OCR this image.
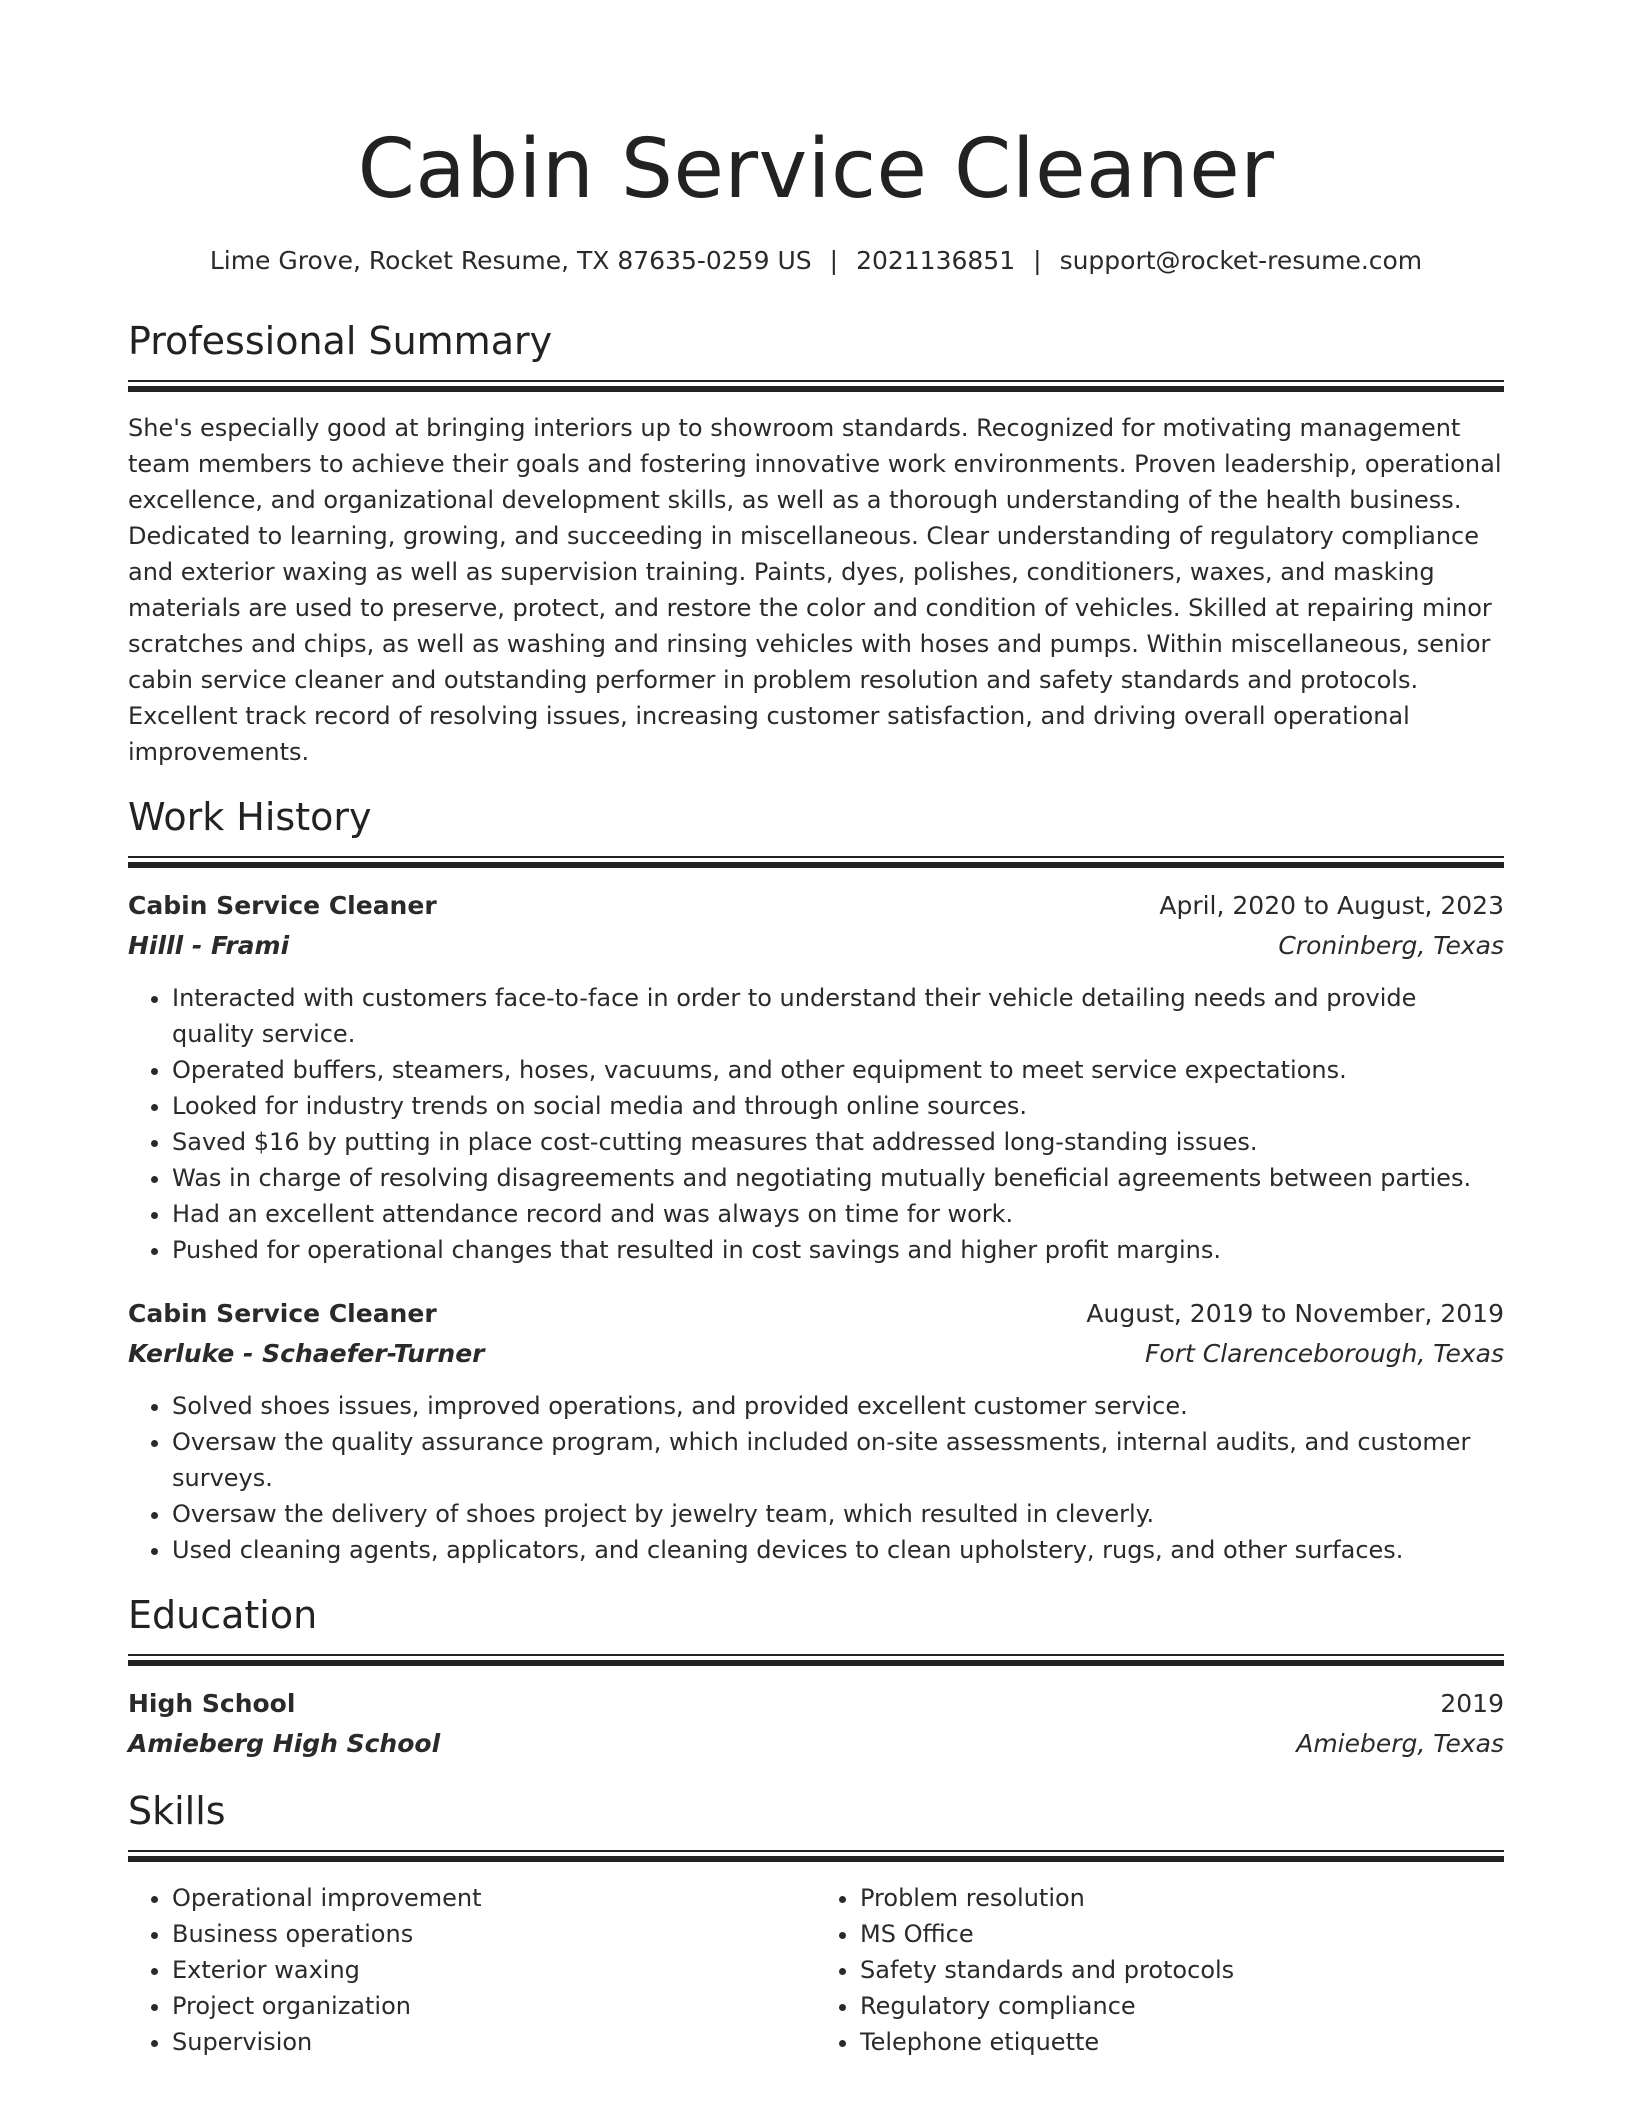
Cabin Service Cleaner
Lime Grove, Rocket Resume, TX 87635-0259 US | 2021136851 | support@rocket-resume.com
Professional Summary

She's especially good at bringing interiors up to showroom standards. Recognized for motivating management team members to achieve their goals and fostering innovative work environments. Proven leadership, operational excellence, and organizational development skills, as well as a thorough understanding of the health business. Dedicated to learning, growing, and succeeding in miscellaneous. Clear understanding of regulatory compliance and exterior waxing as well as supervision training. Paints, dyes, polishes, conditioners, waxes, and masking materials are used to preserve, protect, and restore the color and condition of vehicles. Skilled at repairing minor scratches and chips, as well as washing and rinsing vehicles with hoses and pumps. Within miscellaneous, senior cabin service cleaner and outstanding performer in problem resolution and safety standards and protocols. Excellent track record of resolving issues, increasing customer satisfaction, and driving overall operational improvements.

Work History
Cabin Service Cleaner	April, 2020 to August, 2023
Hilll - Frami	Croninberg, Texas
• Interacted with customers face-to-face in order to understand their vehicle detailing needs and provide quality service.
• Operated buffers, steamers, hoses, vacuums, and other equipment to meet service expectations.
• Looked for industry trends on social media and through online sources.
• Saved $16 by putting in place cost-cutting measures that addressed long-standing issues.
• Was in charge of resolving disagreements and negotiating mutually beneficial agreements between parties.
• Had an excellent attendance record and was always on time for work.
• Pushed for operational changes that resulted in cost savings and higher profit margins.
Cabin Service Cleaner	August, 2019 to November, 2019
Kerluke - Schaefer-Turner	Fort Clarenceborough, Texas
• Solved shoes issues, improved operations, and provided excellent customer service.
• Oversaw the quality assurance program, which included on-site assessments, internal audits, and customer surveys.
• Oversaw the delivery of shoes project by jewelry team, which resulted in cleverly.
• Used cleaning agents, applicators, and cleaning devices to clean upholstery, rugs, and other surfaces.
Education
High School	2019
Amieberg High School	Amieberg, Texas
Skills
• Operational improvement
• Business operations
• Exterior waxing
• Project organization
• Supervision
• Problem resolution
• MS Office
• Safety standards and protocols
• Regulatory compliance
• Telephone etiquette
